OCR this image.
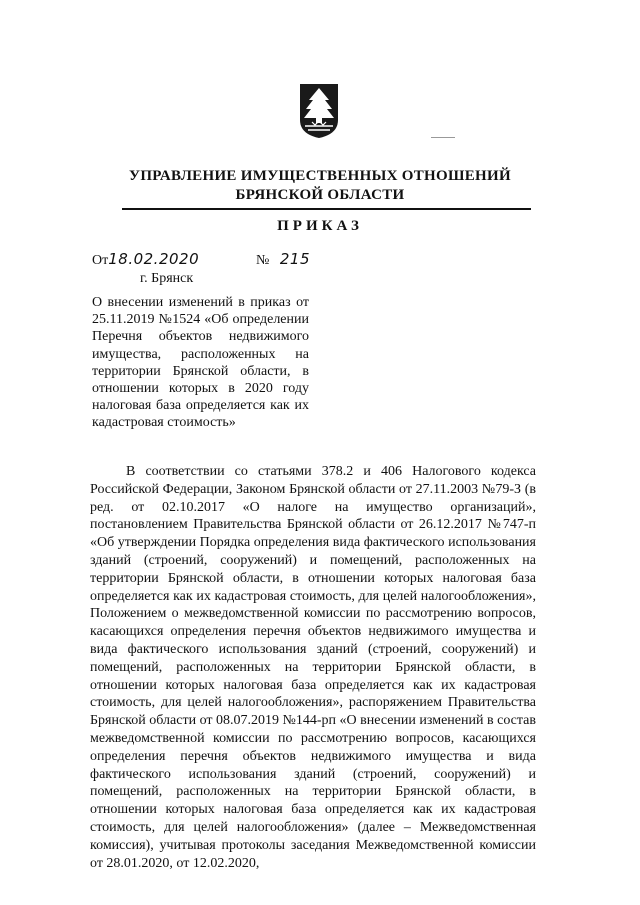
УПРАВЛЕНИЕ ИМУЩЕСТВЕННЫХ ОТНОШЕНИЙ
БРЯНСКОЙ ОБЛАСТИ
ПРИКАЗ
От18.02.2020	№ 215
г. Брянск
О внесении изменений в приказ от 25.11.2019 №1524 «Об определении Перечня объектов недвижимого имущества, расположенных на территории Брянской области, в отношении которых в 2020 году налоговая база определяется как их кадастровая стоимость»
В соответствии со статьями 378.2 и 406 Налогового кодекса Российской Федерации, Законом Брянской области от 27.11.2003 №79-З (в ред. от 02.10.2017 «О налоге на имущество организаций», постановлением Правительства Брянской области от 26.12.2017 №747-п «Об утверждении Порядка определения вида фактического использования зданий (строений, сооружений) и помещений, расположенных на территории Брянской области, в отношении которых налоговая база определяется как их кадастровая стоимость, для целей налогообложения», Положением о межведомственной комиссии по рассмотрению вопросов, касающихся определения перечня объектов недвижимого имущества и вида фактического использования зданий (строений, сооружений) и помещений, расположенных на территории Брянской области, в отношении которых налоговая база определяется как их кадастровая стоимость, для целей налогообложения», распоряжением Правительства Брянской области от 08.07.2019 №144-рп «О внесении изменений в состав межведомственной комиссии по рассмотрению вопросов, касающихся определения перечня объектов недвижимого имущества и вида фактического использования зданий (строений, сооружений) и помещений, расположенных на территории Брянской области, в отношении которых налоговая база определяется как их кадастровая стоимость, для целей налогообложения» (далее – Межведомственная комиссия), учитывая протоколы заседания Межведомственной комиссии от 28.01.2020, от 12.02.2020,
